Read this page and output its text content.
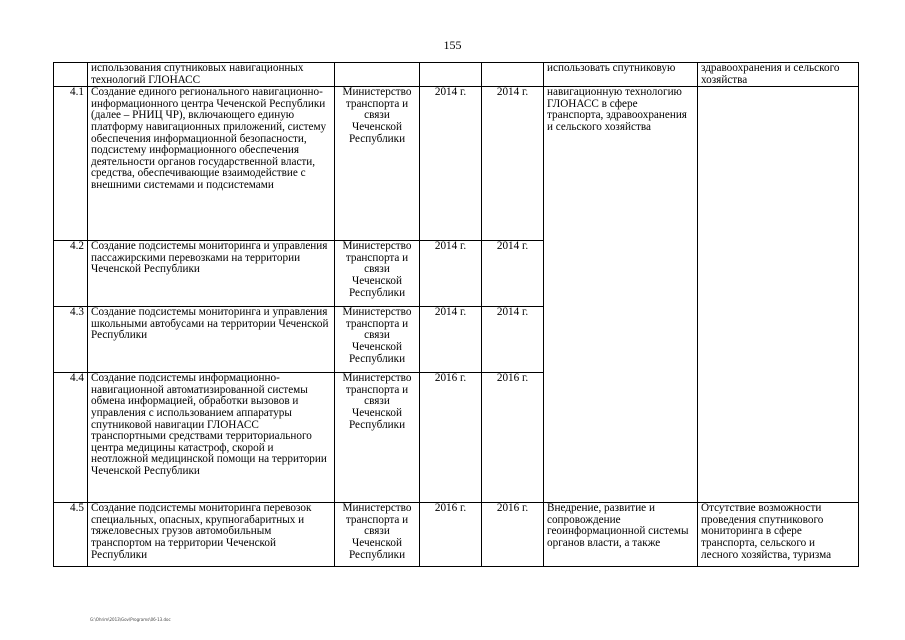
155
	использования спутниковых навигационных технологий ГЛОНАСС				использовать спутниковую	здравоохранения и сельского хозяйства
4.1	Создание единого регионального навигационно-информационного центра Чеченской Республики (далее – РНИЦ ЧР), включающего единую платформу навигационных приложений, систему обеспечения информационной безопасности, подсистему информационного обеспечения деятельности органов государственной власти, средства, обеспечивающие взаимодействие с внешними системами и подсистемами	Министерство транспорта и связи Чеченской Республики	2014 г.	2014 г.	навигационную технологию ГЛОНАСС в сфере транспорта, здравоохранения и сельского хозяйства	
4.2	Создание подсистемы мониторинга и управления пассажирскими перевозками на территории Чеченской Республики	Министерство транспорта и связи Чеченской Республики	2014 г.	2014 г.		
4.3	Создание подсистемы мониторинга и управления школьными автобусами на территории Чеченской Республики	Министерство транспорта и связи Чеченской Республики	2014 г.	2014 г.		
4.4	Создание подсистемы информационно-навигационной автоматизированной системы обмена информацией, обработки вызовов и управления с использованием аппаратуры спутниковой навигации ГЛОНАСС транспортными средствами территориального центра медицины катастроф, скорой и неотложной медицинской помощи на территории Чеченской Республики	Министерство транспорта и связи Чеченской Республики	2016 г.	2016 г.		
4.5	Создание подсистемы мониторинга перевозок специальных, опасных, крупногабаритных и тяжеловесных грузов автомобильным транспортом на территории Чеченской Республики	Министерство транспорта и связи Чеченской Республики	2016 г.	2016 г.	Внедрение, развитие и сопровождение геоинформационной системы органов власти, а также	Отсутствие возможности проведения спутникового мониторинга в сфере транспорта, сельского и лесного хозяйства, туризма
G:\Ohrim\2013\Gov\Programs\06-13.doc
